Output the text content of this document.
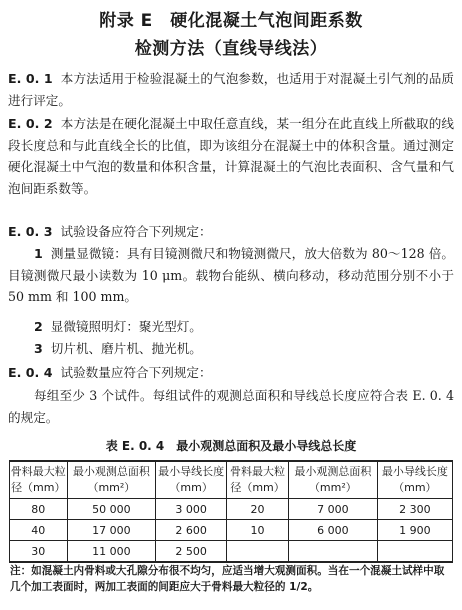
附录 E　硬化混凝土气泡间距系数
检测方法（直线导线法）
E. 0. 1 本方法适用于检验混凝土的气泡参数，也适用于对混凝土引气剂的品质进行评定。
E. 0. 2 本方法是在硬化混凝土中取任意直线，某一组分在此直线上所截取的线段长度总和与此直线全长的比值，即为该组分在混凝土中的体积含量。通过测定硬化混凝土中气泡的数量和体积含量，计算混凝土的气泡比表面积、含气量和气泡间距系数等。
E. 0. 3 试验设备应符合下列规定：
1 测量显微镜：具有目镜测微尺和物镜测微尺，放大倍数为 80～128 倍。目镜测微尺最小读数为 10 μm。载物台能纵、横向移动，移动范围分别不小于 50 mm 和 100 mm。
2 显微镜照明灯：聚光型灯。
3 切片机、磨片机、抛光机。
E. 0. 4 试验数量应符合下列规定：
每组至少 3 个试件。每组试件的观测总面积和导线总长度应符合表 E. 0. 4 的规定。
表 E. 0. 4　最小观测总面积及最小导线总长度
骨料最大粒径（mm）	最小观测总面积（mm²）	最小导线长度（mm）	骨料最大粒径（mm）	最小观测总面积（mm²）	最小导线长度（mm）
80	50 000	3 000	20	7 000	2 300
40	17 000	2 600	10	6 000	1 900
30	11 000	2 500			
注：如混凝土内骨料或大孔隙分布很不均匀，应适当增大观测面积。当在一个混凝土试样中取几个加工表面时，两加工表面的间距应大于骨料最大粒径的 1/2。
